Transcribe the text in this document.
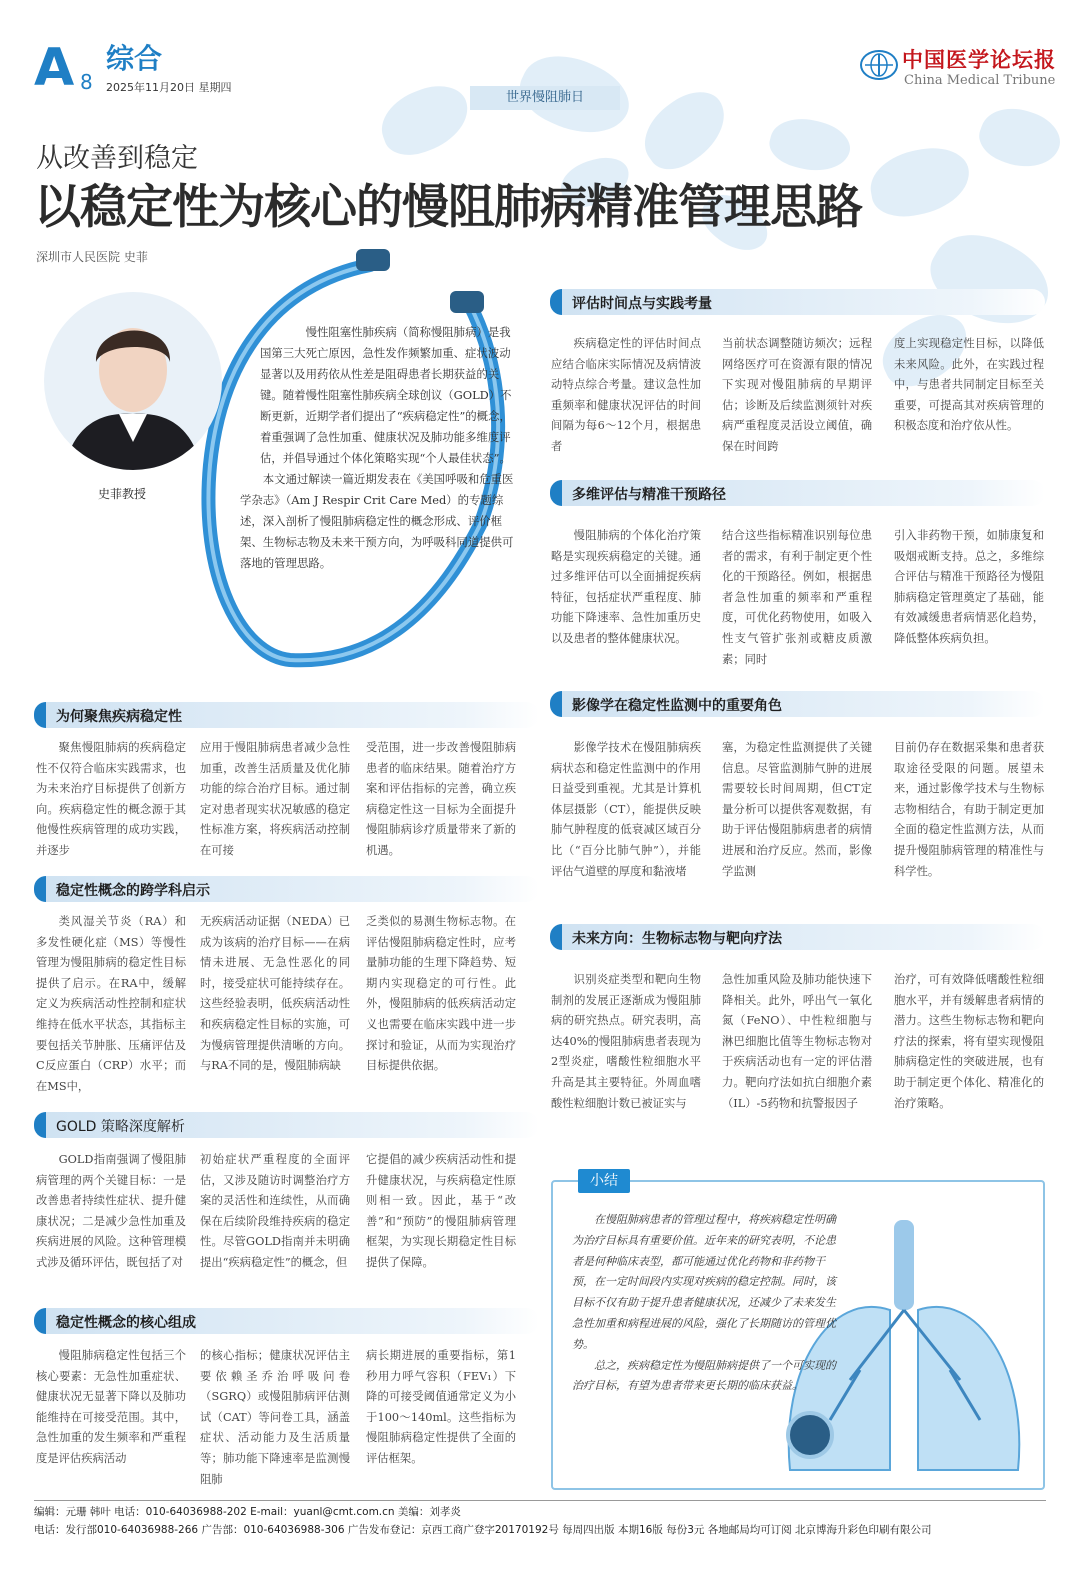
A 8
综合
2025年11月20日 星期四
中国医学论坛报
China Medical Tribune
世界慢阻肺日
从改善到稳定
以稳定性为核心的慢阻肺病精准管理思路
深圳市人民医院 史菲
史菲教授

慢性阻塞性肺疾病（简称慢阻肺病）是我国第三大死亡原因，急性发作频繁加重、症状波动显著以及用药依从性差是阻碍患者长期获益的关键。随着慢性阻塞性肺疾病全球创议（GOLD）不断更新，近期学者们提出了“疾病稳定性”的概念，着重强调了急性加重、健康状况及肺功能多维度评估，并倡导通过个体化策略实现“个人最佳状态”。

本文通过解读一篇近期发表在《美国呼吸和危重医学杂志》（Am J Respir Crit Care Med）的专题综述，深入剖析了慢阻肺病稳定性的概念形成、评价框架、生物标志物及未来干预方向，为呼吸科同道提供可落地的管理思路。

为何聚焦疾病稳定性

聚焦慢阻肺病的疾病稳定性不仅符合临床实践需求，也为未来治疗目标提供了创新方向。疾病稳定性的概念源于其他慢性疾病管理的成功实践，并逐步

应用于慢阻肺病患者减少急性加重，改善生活质量及优化肺功能的综合治疗目标。通过制定对患者现实状况敏感的稳定性标准方案，将疾病活动控制在可接

受范围，进一步改善慢阻肺病患者的临床结果。随着治疗方案和评估指标的完善，确立疾病稳定性这一目标为全面提升慢阻肺病诊疗质量带来了新的机遇。

稳定性概念的跨学科启示

类风湿关节炎（RA）和多发性硬化症（MS）等慢性管理为慢阻肺病的稳定性目标提供了启示。在RA中，缓解定义为疾病活动性控制和症状维持在低水平状态，其指标主要包括关节肿胀、压痛评估及C反应蛋白（CRP）水平；而在MS中，

无疾病活动证据（NEDA）已成为该病的治疗目标——在病情未进展、无急性恶化的同时，接受症状可能持续存在。这些经验表明，低疾病活动性和疾病稳定性目标的实施，可为慢病管理提供清晰的方向。与RA不同的是，慢阻肺病缺

乏类似的易测生物标志物。在评估慢阻肺病稳定性时，应考量肺功能的生理下降趋势、短期内实现稳定的可行性。此外，慢阻肺病的低疾病活动定义也需要在临床实践中进一步探讨和验证，从而为实现治疗目标提供依据。

GOLD 策略深度解析

GOLD指南强调了慢阻肺病管理的两个关键目标：一是改善患者持续性症状、提升健康状况；二是减少急性加重及疾病进展的风险。这种管理模式涉及循环评估，既包括了对

初始症状严重程度的全面评估，又涉及随访时调整治疗方案的灵活性和连续性，从而确保在后续阶段维持疾病的稳定性。尽管GOLD指南并未明确提出“疾病稳定性”的概念，但

它提倡的减少疾病活动性和提升健康状况，与疾病稳定性原则相一致。因此，基于“改善”和“预防”的慢阻肺病管理框架，为实现长期稳定性目标提供了保障。

稳定性概念的核心组成

慢阻肺病稳定性包括三个核心要素：无急性加重症状、健康状况无显著下降以及肺功能维持在可接受范围。其中，急性加重的发生频率和严重程度是评估疾病活动

的核心指标；健康状况评估主要依赖圣乔治呼吸问卷（SGRQ）或慢阻肺病评估测试（CAT）等问卷工具，涵盖症状、活动能力及生活质量等；肺功能下降速率是监测慢阻肺

病长期进展的重要指标，第1秒用力呼气容积（FEV₁）下降的可接受阈值通常定义为小于100～140ml。这些指标为慢阻肺病稳定性提供了全面的评估框架。

评估时间点与实践考量

疾病稳定性的评估时间点应结合临床实际情况及病情波动特点综合考量。建议急性加重频率和健康状况评估的时间间隔为每6～12个月，根据患者

当前状态调整随访频次；远程网络医疗可在资源有限的情况下实现对慢阻肺病的早期评估；诊断及后续监测须针对疾病严重程度灵活设立阈值，确保在时间跨

度上实现稳定性目标，以降低未来风险。此外，在实践过程中，与患者共同制定目标至关重要，可提高其对疾病管理的积极态度和治疗依从性。

多维评估与精准干预路径

慢阻肺病的个体化治疗策略是实现疾病稳定的关键。通过多维评估可以全面捕捉疾病特征，包括症状严重程度、肺功能下降速率、急性加重历史以及患者的整体健康状况。

结合这些指标精准识别每位患者的需求，有利于制定更个性化的干预路径。例如，根据患者急性加重的频率和严重程度，可优化药物使用，如吸入性支气管扩张剂或糖皮质激素；同时

引入非药物干预，如肺康复和吸烟戒断支持。总之，多维综合评估与精准干预路径为慢阻肺病稳定管理奠定了基础，能有效减缓患者病情恶化趋势，降低整体疾病负担。

影像学在稳定性监测中的重要角色

影像学技术在慢阻肺病疾病状态和稳定性监测中的作用日益受到重视。尤其是计算机体层摄影（CT），能提供反映肺气肿程度的低衰减区域百分比（“百分比肺气肿”），并能评估气道壁的厚度和黏液堵

塞，为稳定性监测提供了关键信息。尽管监测肺气肿的进展需要较长时间周期，但CT定量分析可以提供客观数据，有助于评估慢阻肺病患者的病情进展和治疗反应。然而，影像学监测

目前仍存在数据采集和患者获取途径受限的问题。展望未来，通过影像学技术与生物标志物相结合，有助于制定更加全面的稳定性监测方法，从而提升慢阻肺病管理的精准性与科学性。

未来方向：生物标志物与靶向疗法

识别炎症类型和靶向生物制剂的发展正逐渐成为慢阻肺病的研究热点。研究表明，高达40%的慢阻肺病患者表现为2型炎症，嗜酸性粒细胞水平升高是其主要特征。外周血嗜酸性粒细胞计数已被证实与

急性加重风险及肺功能快速下降相关。此外，呼出气一氧化氮（FeNO）、中性粒细胞与淋巴细胞比值等生物标志物对于疾病活动也有一定的评估潜力。靶向疗法如抗白细胞介素（IL）-5药物和抗警报因子

治疗，可有效降低嗜酸性粒细胞水平，并有缓解患者病情的潜力。这些生物标志物和靶向疗法的探索，将有望实现慢阻肺病稳定性的突破进展，也有助于制定更个体化、精准化的治疗策略。

小结

在慢阻肺病患者的管理过程中，将疾病稳定性明确为治疗目标具有重要价值。近年来的研究表明，不论患者是何种临床表型，都可能通过优化药物和非药物干预，在一定时间段内实现对疾病的稳定控制。同时，该目标不仅有助于提升患者健康状况，还减少了未来发生急性加重和病程进展的风险，强化了长期随访的管理优势。

总之，疾病稳定性为慢阻肺病提供了一个可实现的治疗目标，有望为患者带来更长期的临床获益。

编辑：元珊 韩叶 电话：010-64036988-202 E-mail：yuanl@cmt.com.cn 美编：刘孝炎
电话：发行部010-64036988-266 广告部：010-64036988-306 广告发布登记：京西工商广登字20170192号 每周四出版 本期16版 每份3元 各地邮局均可订阅 北京博海升彩色印刷有限公司
